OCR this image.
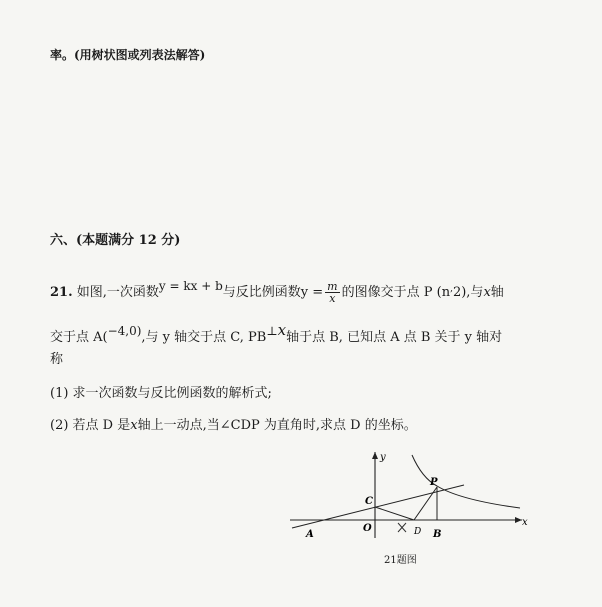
率。(用树状图或列表法解答)
六、(本题满分 12 分)
21. 如图,一次函数y = kx + b与反比例函数$y = \frac{m}{x}$ 的图像交于点 P (n,2),与x轴
交于点 A(−4,0),与 y 轴交于点 C, PB⊥x轴于点 B, 已知点 A 点 B 关于 y 轴对
称
(1) 求一次函数与反比例函数的解析式;
(2) 若点 D 是x轴上一动点,当∠CDP 为直角时,求点 D 的坐标。
y
x
O
A	B
C
D
P
21题图
